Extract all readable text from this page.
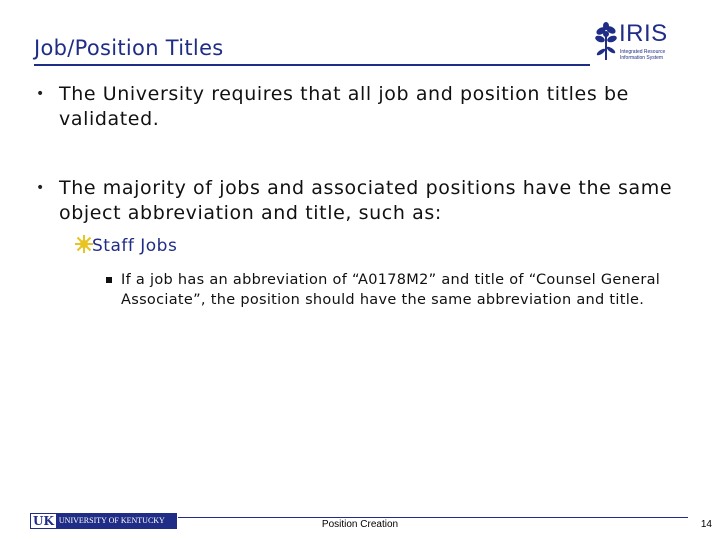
Job/Position Titles
IRIS
Integrated Resource
Information System
• The University requires that all job and position titles be validated.
• The majority of jobs and associated positions have the same object abbreviation and title, such as:
Staff Jobs
If a job has an abbreviation of “A0178M2” and title of “Counsel General Associate”, the position should have the same abbreviation and title.
UK UNIVERSITY OF KENTUCKY	Position Creation	14
